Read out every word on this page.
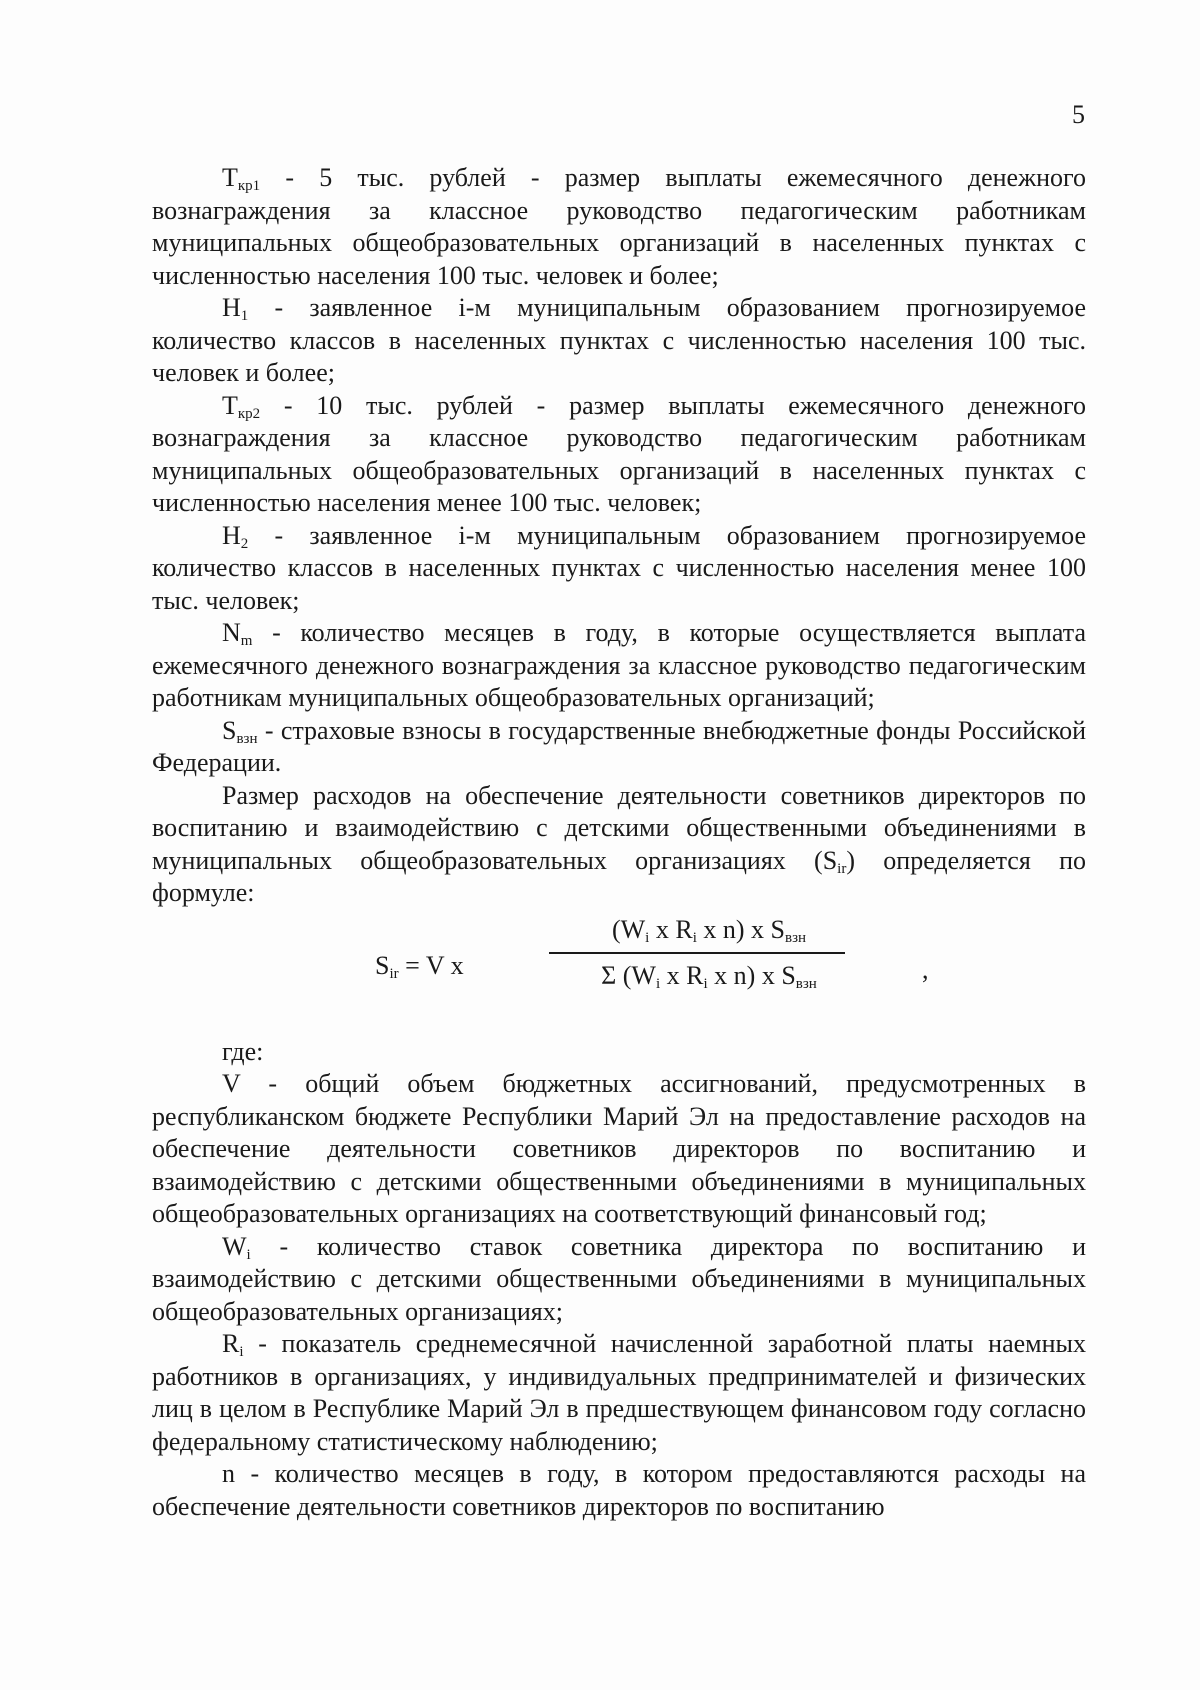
5

$Т_{кр1} - 5$ тыс. рублей - размер выплаты ежемесячного денежного вознаграждения за классное руководство педагогическим работникам муниципальных общеобразовательных организаций в населенных пунктах с численностью населения 100 тыс. человек и более;

$Н_1$ - заявленное i-м муниципальным образованием прогнозируемое количество классов в населенных пунктах с численностью населения 100 тыс. человек и более;

$Т_{кр2} - 10$ тыс. рублей - размер выплаты ежемесячного денежного вознаграждения за классное руководство педагогическим работникам муниципальных общеобразовательных организаций в населенных пунктах с численностью населения менее 100 тыс. человек;

$Н_2$ - заявленное i-м муниципальным образованием прогнозируемое количество классов в населенных пунктах с численностью населения менее 100 тыс. человек;

$N_m$ - количество месяцев в году, в которые осуществляется выплата ежемесячного денежного вознаграждения за классное руководство педагогическим работникам муниципальных общеобразовательных организаций;

$S_{взн}$ - страховые взносы в государственные внебюджетные фонды Российской Федерации.

Размер расходов на обеспечение деятельности советников директоров по воспитанию и взаимодействию с детскими общественными объединениями в муниципальных общеобразовательных организациях $(S_{ir})$ определяется по формуле:

$S_{ir} = V$ x
($W_i$ x $R_i$ x n) x $S_{взн}$
Σ ($W_i$ x $R_i$ x n) x $S_{взн}$	,

где:

V - общий объем бюджетных ассигнований, предусмотренных в республиканском бюджете Республики Марий Эл на предоставление расходов на обеспечение деятельности советников директоров по воспитанию и взаимодействию с детскими общественными объединениями в муниципальных общеобразовательных организациях на соответствующий финансовый год;

$W_i$ - количество ставок советника директора по воспитанию и взаимодействию с детскими общественными объединениями в муниципальных общеобразовательных организациях;

$R_i$ - показатель среднемесячной начисленной заработной платы наемных работников в организациях, у индивидуальных предпринимателей и физических лиц в целом в Республике Марий Эл в предшествующем финансовом году согласно федеральному статистическому наблюдению;

n - количество месяцев в году, в котором предоставляются расходы на обеспечение деятельности советников директоров по воспитанию
